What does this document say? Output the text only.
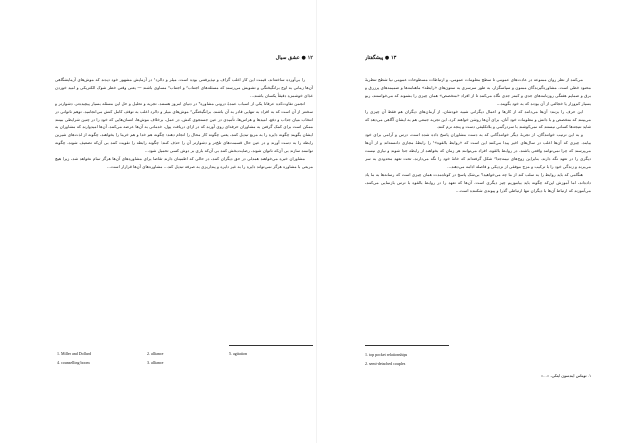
۱۲ ● عشق سیال

را بی‌آورده ساخته‌اند، قیمت این کار اغلب گزاف و تپذیرفتنی بوده است. میلر و دالرد¹ در آزمایش مشهور خود دیدند که موش‌های آزمایشگاهی آن‌ها زمانی به اوج برانگیختگی و تشویش می‌رسند که مسئله‌های اجتناب² و اجتناب³ مساوی باشند — یعنی وقتی خطر شوک الکتریکی و امید خوردن غذای خوشمزه دقیقاً یکسان باشند...

انجمن تفاوت‌کده عرفانا یکی از اسباب عمدهٔ درونی مشاوره⁴ در دنیای امروز هستند. تجربه و تحلیل و حل این مسئله بسیار پیچیده‌تر، دشوارتر و سختتر از آن است که به افراد به تنهایی قادر به آن باشند. برانگیختگی⁵ موش‌های میلر و دالرد اغلب به توقف کامل کنش می‌انجامید. توهم ناتوانی در انتخاب میان جذاب و دفع، امیدها و هراس‌ها، تأمیدی در عین جستجوی کنش. در عمل، برخلاف موش‌ها، انسان‌هایی که خود را در چنین شرایطی ببینند ممکن است برای کمک گرفتن به مشاوران حرفه‌ای روی آورند که در ازای دریافت پول، خدماتی به آن‌ها عرضه می‌کنند. آن‌ها امیدوارند که مشاوران به ایشان بگویند چگونه دایره را به مربع تبدیل کنند، یعنی چگونه کار محال را انجام دهند: چگونه هم خدا و هم خرما را بخواهند، چگونه از لذت‌های شیرین رابطه را به دست آورند و در عین حال قسمت‌های تلخ‌تر و دشوارتر آن را حذف کنند؛ چگونه رابطه را تقویت کنند بی آن‌که تضعیف شوند، چگونه توانمند سازند بی آن‌که ناتوان شوند، رضایت‌بخش کنند بی آن‌که باری بر دوش کسی تحمیل شود...

مشاوران خبره می‌خواهند همدلی در حق دیگران کنند، در حالی که اطمینان دارند تقاضا برای مشاوره‌های آن‌ها هرگز تمام نخواهد شد، زیرا هیچ مربعی با مشاوره هرگز نمی‌تواند دایره را به غیر دایره و پنداریزی به صرفه تبدیل کند... مشاوره‌های آن‌ها قرارار است...

1. Miller and Dollard	2. alliance	5. agitation
4. counselling boom	3. alliance
۱۳ ● پیشگفتار

می‌کنند از نظر روان ممنوعه در عادت‌های عمومی تا سطح معلومات عمومی، و ارتباطات مسطوحات عمومی نیا شطح تنظریهٔ محنود خطی است. مشاوره‌گیرندگان ممنون و سپاسگزار، به طور سرسری به ستون‌های «رابطه» ماهنامه‌ها و ضمیمه‌های پرزرق و برق و ضمایم هفتگی روزنامه‌های جدی و کمتر جدی نگاه می‌کنند تا از افراد «متخصص» همان چیزی را بشنوند که می‌خواستند، ربو بسیار کم‌وزار یا خجالتی از آن بودند که به خود بگویند...

این حرف را بزنند: آن‌ها می‌دانند که از کارها و اعمال دیگرانی شبیه خودشان، از آرمان‌های دیگران هم فقط آن چیزی را می‌بینند که متخصص و با دانش و معلومات خود آنان، برای آن‌ها روشن خواهند کرد. این تجربه جمعی هم به ایشان آگاهی می‌دهد که شاید نتیجه‌ها کسانی نیستند که نمی‌کوشند با سردرگمی و بلاتکلیفی دست و پنجه نرم کنند.

و به این ترتیب خوانندگان، از تجربهٔ دیگر خوانندگانی که به دست مشاوران پاسخ داده شده است، درس و آرامی برای خود بیابند. چیزی که آن‌ها اغلب در سال‌های اخیر پیدا می‌کنند این است که «روابط بالقوه»¹ را رابطهٔ مجازی دانسته‌اند و از آن‌ها می‌پرسند که چرا نمی‌توانند واقعی باشند. در روابط بالقوه، افراد می‌توانند هر زمان که بخواهند از رابطه جدا شوند و نیازی نیست دیگری را در تعهد نگه دارند. بنابراین زوج‌های نیمه‌جدا² شکل گرفته‌اند که خانهٔ خود را نگه می‌دارند، تحت تعهد محدودی به سر می‌برند و زندگی خود را با ترکیب و مزج موفقی از نزدیکی و فاصله ادامه می‌دهند...

هنگامی که باید روابط را به سلب کند از ما چه می‌خواهید؟ بی‌شک پاسخ در کوتاه‌مدت همان چیزی است که رسانه‌ها به ما یاد داده‌اند، اما آموزش این‌که چگونه باید بیاموزیم چیز دیگری است. آن‌ها که تعهد را در روابط بالقوه با ترس بازنمایی می‌کنند، می‌آموزند که ارتباط آن‌ها با دیگران تنها ارتباطی گذرا و پیوندی شکننده است...

1. top pocket relationships
2. semi-detached couples
۱. توماس ایندسون ایتکی، «...»
